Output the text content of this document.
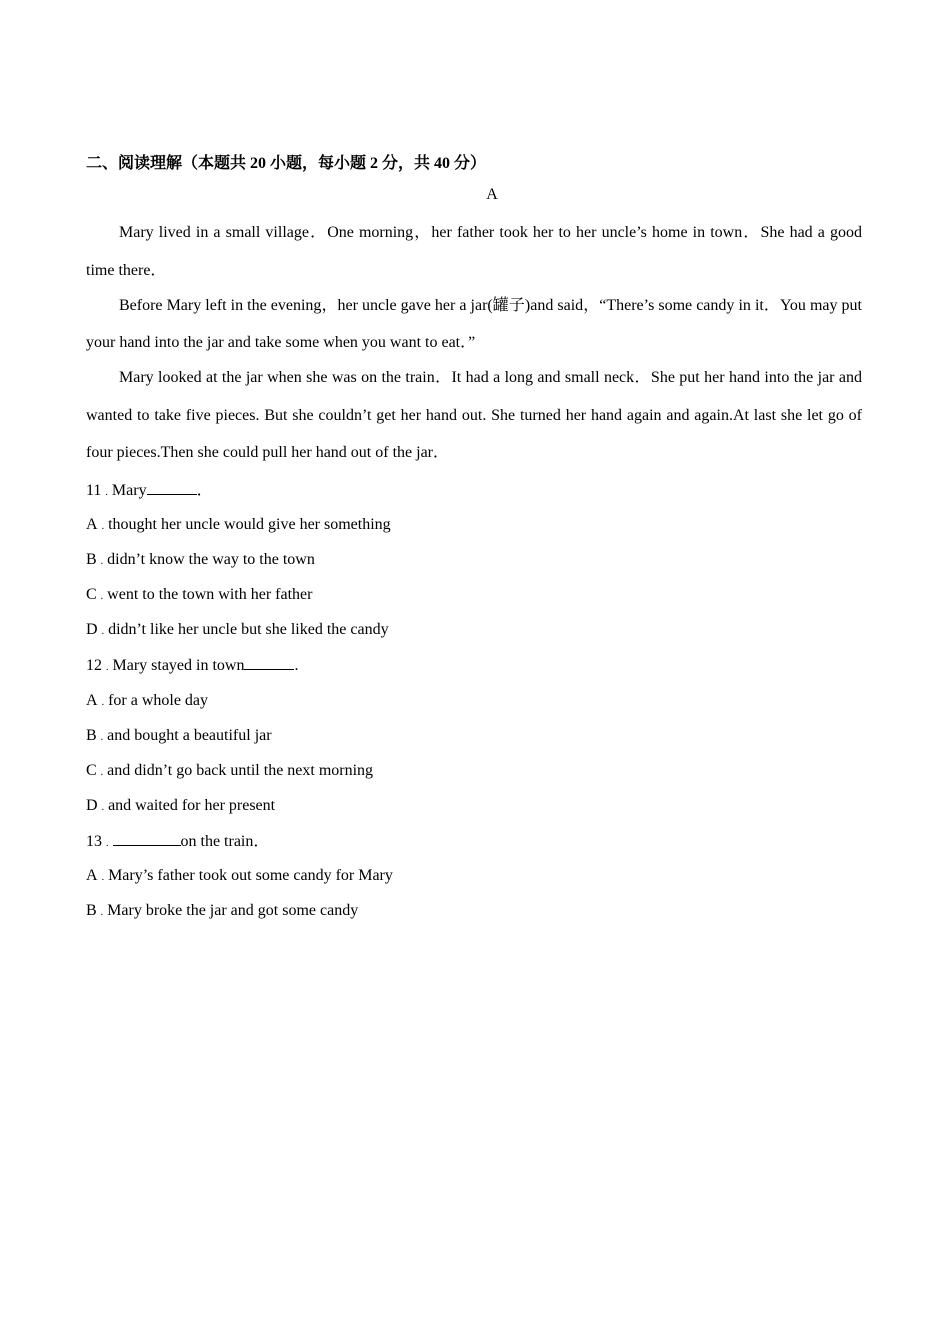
二、阅读理解（本题共 20 小题，每小题 2 分，共 40 分）
A

Mary lived in a small village．One morning，her father took her to her uncle’s home in town．She had a good time there．

Before Mary left in the evening，her uncle gave her a jar(罐子)and said，“There’s some candy in it．You may put your hand into the jar and take some when you want to eat．”

Mary looked at the jar when she was on the train．It had a long and small neck．She put her hand into the jar and wanted to take five pieces. But she couldn’t get her hand out. She turned her hand again and again.At last she let go of four pieces.Then she could pull her hand out of the jar．

11 . Mary	．
A . thought her uncle would give her something
B . didn’t know the way to the town
C . went to the town with her father
D . didn’t like her uncle but she liked the candy
12 . Mary stayed in town	.
A . for a whole day
B . and bought a beautiful jar
C . and didn’t go back until the next morning
D . and waited for her present
13 .	on the train．
A . Mary’s father took out some candy for Mary
B . Mary broke the jar and got some candy
